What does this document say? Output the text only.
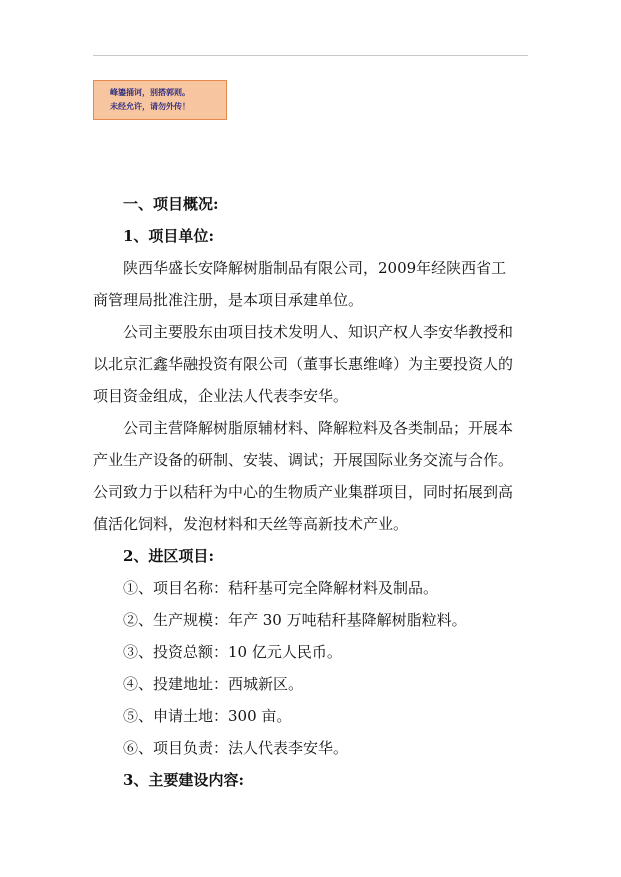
峰鎏捅诃，别搭郭则。
未经允许，请勿外传！

一、项目概况:

1、项目单位:

陕西华盛长安降解树脂制品有限公司，2009年经陕西省工商管理局批准注册，是本项目承建单位。

公司主要股东由项目技术发明人、知识产权人李安华教授和以北京汇鑫华融投资有限公司（董事长惠维峰）为主要投资人的项目资金组成，企业法人代表李安华。

公司主营降解树脂原辅材料、降解粒料及各类制品；开展本产业生产设备的研制、安装、调试；开展国际业务交流与合作。公司致力于以秸秆为中心的生物质产业集群项目，同时拓展到高值活化饲料，发泡材料和天丝等高新技术产业。

2、进区项目:

①、项目名称：秸秆基可完全降解材料及制品。

②、生产规模：年产 30 万吨秸秆基降解树脂粒料。

③、投资总额：10 亿元人民币。

④、投建地址：西城新区。

⑤、申请土地：300 亩。

⑥、项目负责：法人代表李安华。

3、主要建设内容:
